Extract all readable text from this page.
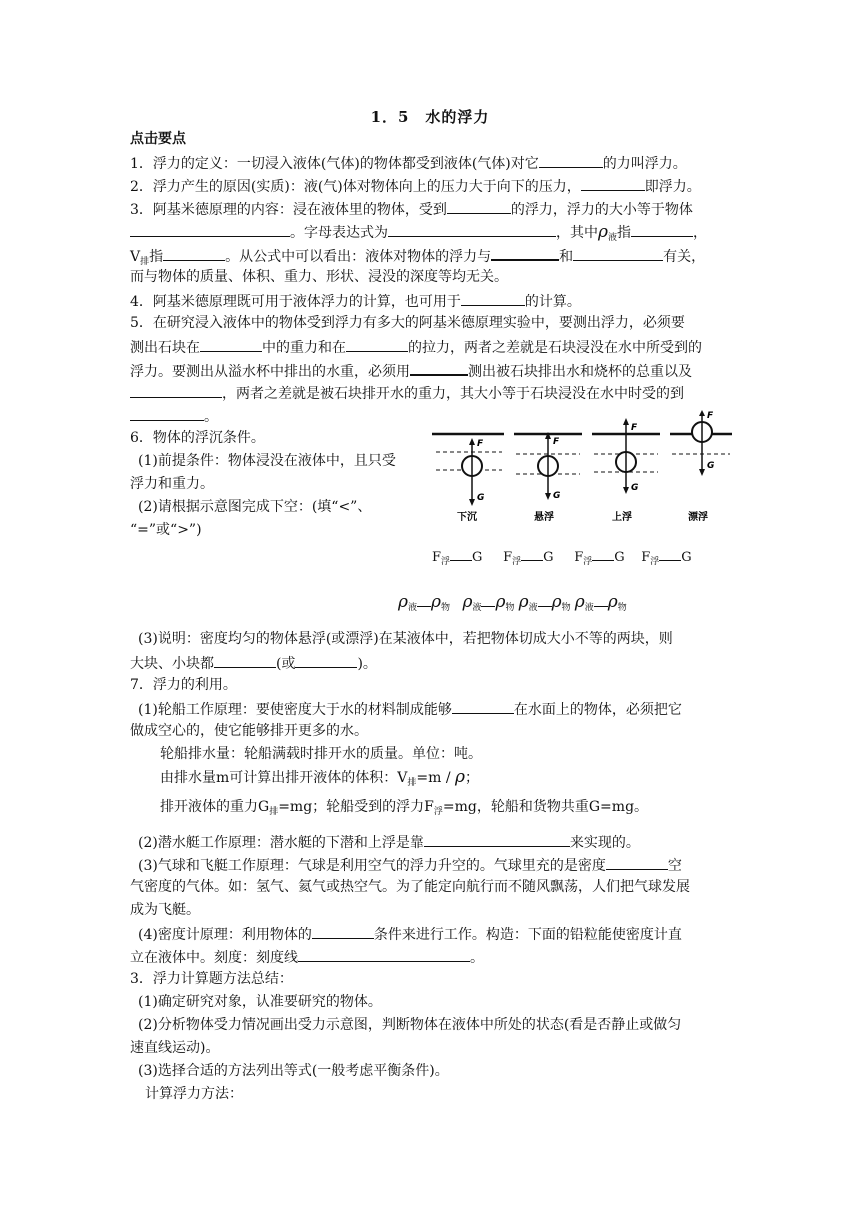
1．5　水的浮力
点击要点
1．浮力的定义：一切浸入液体(气体)的物体都受到液体(气体)对它	的力叫浮力。
2．浮力产生的原因(实质)：液(气)体对物体向上的压力大于向下的压力，	即浮力。
3．阿基米德原理的内容：浸在液体里的物体，受到	的浮力，浮力的大小等于物体
。字母表达式为	，其中$\rho_液$指	，
$V_排$指	。从公式中可以看出：液体对物体的浮力与	和	有关，
而与物体的质量、体积、重力、形状、浸没的深度等均无关。
4．阿基米德原理既可用于液体浮力的计算，也可用于	的计算。
5．在研究浸入液体中的物体受到浮力有多大的阿基米德原理实验中，要测出浮力，必须要
测出石块在	中的重力和在	的拉力，两者之差就是石块浸没在水中所受到的
浮力。要测出从溢水杯中排出的水重，必须用	测出被石块排出水和烧杯的总重以及
，两者之差就是被石块排开水的重力，其大小等于石块浸没在水中时受的到
。
6．物体的浮沉条件。
(1)前提条件：物体浸没在液体中，且只受
浮力和重力。
(2)请根据示意图完成下空：(填“<”、
“=”或“>”)
F
G
下沉
F
G
悬浮
F
G
上浮
F
G
漂浮
$F_浮$ G $F_浮$ G $F_浮$ G $F_浮$ G
$\rho_液$ $\rho_物$ $\rho_液$ $\rho_物$ $\rho_液$ $\rho_物$ $\rho_液$ $\rho_物$
(3)说明：密度均匀的物体悬浮(或漂浮)在某液体中，若把物体切成大小不等的两块，则
大块、小块都	(或	)。
7．浮力的利用。
(1)轮船工作原理：要使密度大于水的材料制成能够	在水面上的物体，必须把它
做成空心的，使它能够排开更多的水。
轮船排水量：轮船满载时排开水的质量。单位：吨。
由排水量m可计算出排开液体的体积：$V_排=m / \rho$；
排开液体的重力$G_排=mg$；轮船受到的浮力$F_浮=mg$，轮船和货物共重G=mg。
(2)潜水艇工作原理：潜水艇的下潜和上浮是靠	来实现的。
(3)气球和飞艇工作原理：气球是利用空气的浮力升空的。气球里充的是密度	空
气密度的气体。如：氢气、氦气或热空气。为了能定向航行而不随风飘荡，人们把气球发展
成为飞艇。
(4)密度计原理：利用物体的	条件来进行工作。构造：下面的铅粒能使密度计直
立在液体中。刻度：刻度线	。
3．浮力计算题方法总结：
(1)确定研究对象，认准要研究的物体。
(2)分析物体受力情况画出受力示意图，判断物体在液体中所处的状态(看是否静止或做匀
速直线运动)。
(3)选择合适的方法列出等式(一般考虑平衡条件)。
计算浮力方法：
